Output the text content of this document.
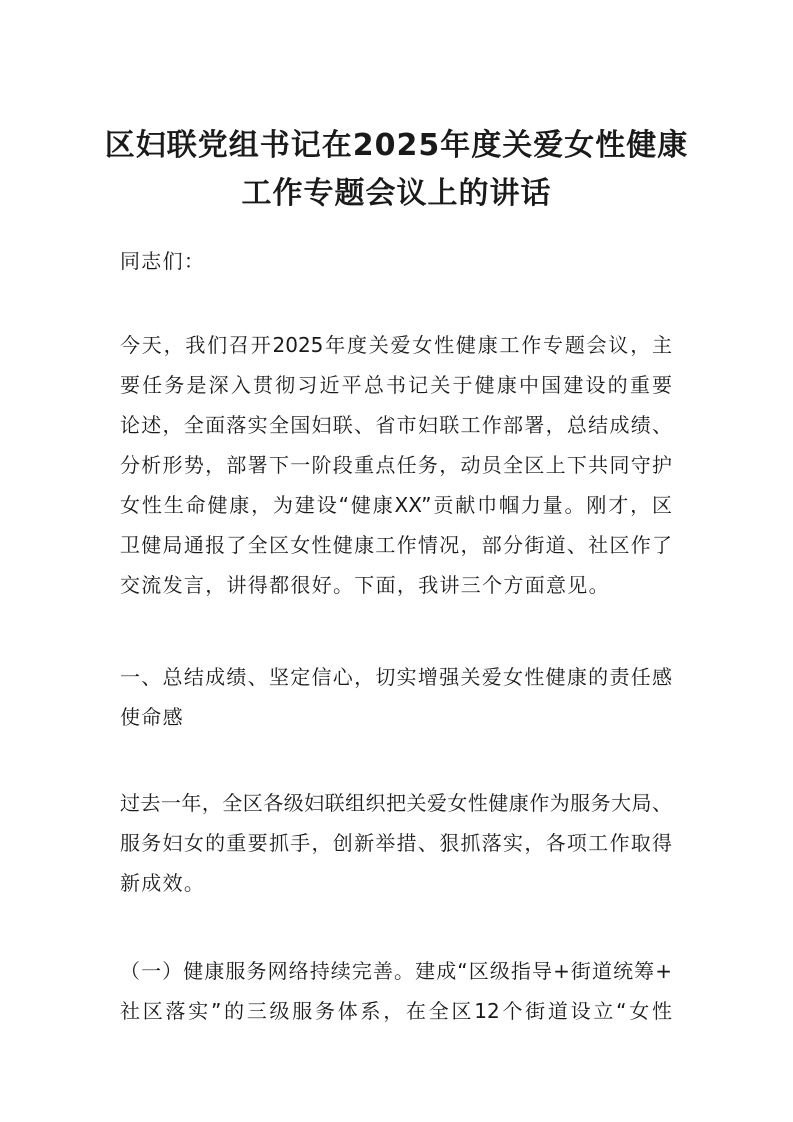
区妇联党组书记在2025年度关爱女性健康
工作专题会议上的讲话
同志们：
今天，我们召开2025年度关爱女性健康工作专题会议，主
要任务是深入贯彻习近平总书记关于健康中国建设的重要
论述，全面落实全国妇联、省市妇联工作部署，总结成绩、
分析形势，部署下一阶段重点任务，动员全区上下共同守护
女性生命健康，为建设“健康XX”贡献巾帼力量。刚才，区
卫健局通报了全区女性健康工作情况，部分街道、社区作了
交流发言，讲得都很好。下面，我讲三个方面意见。
一、总结成绩、坚定信心，切实增强关爱女性健康的责任感
使命感
过去一年，全区各级妇联组织把关爱女性健康作为服务大局、
服务妇女的重要抓手，创新举措、狠抓落实，各项工作取得
新成效。
（一）健康服务网络持续完善。建成“区级指导+街道统筹+
社区落实”的三级服务体系，在全区12个街道设立“女性
